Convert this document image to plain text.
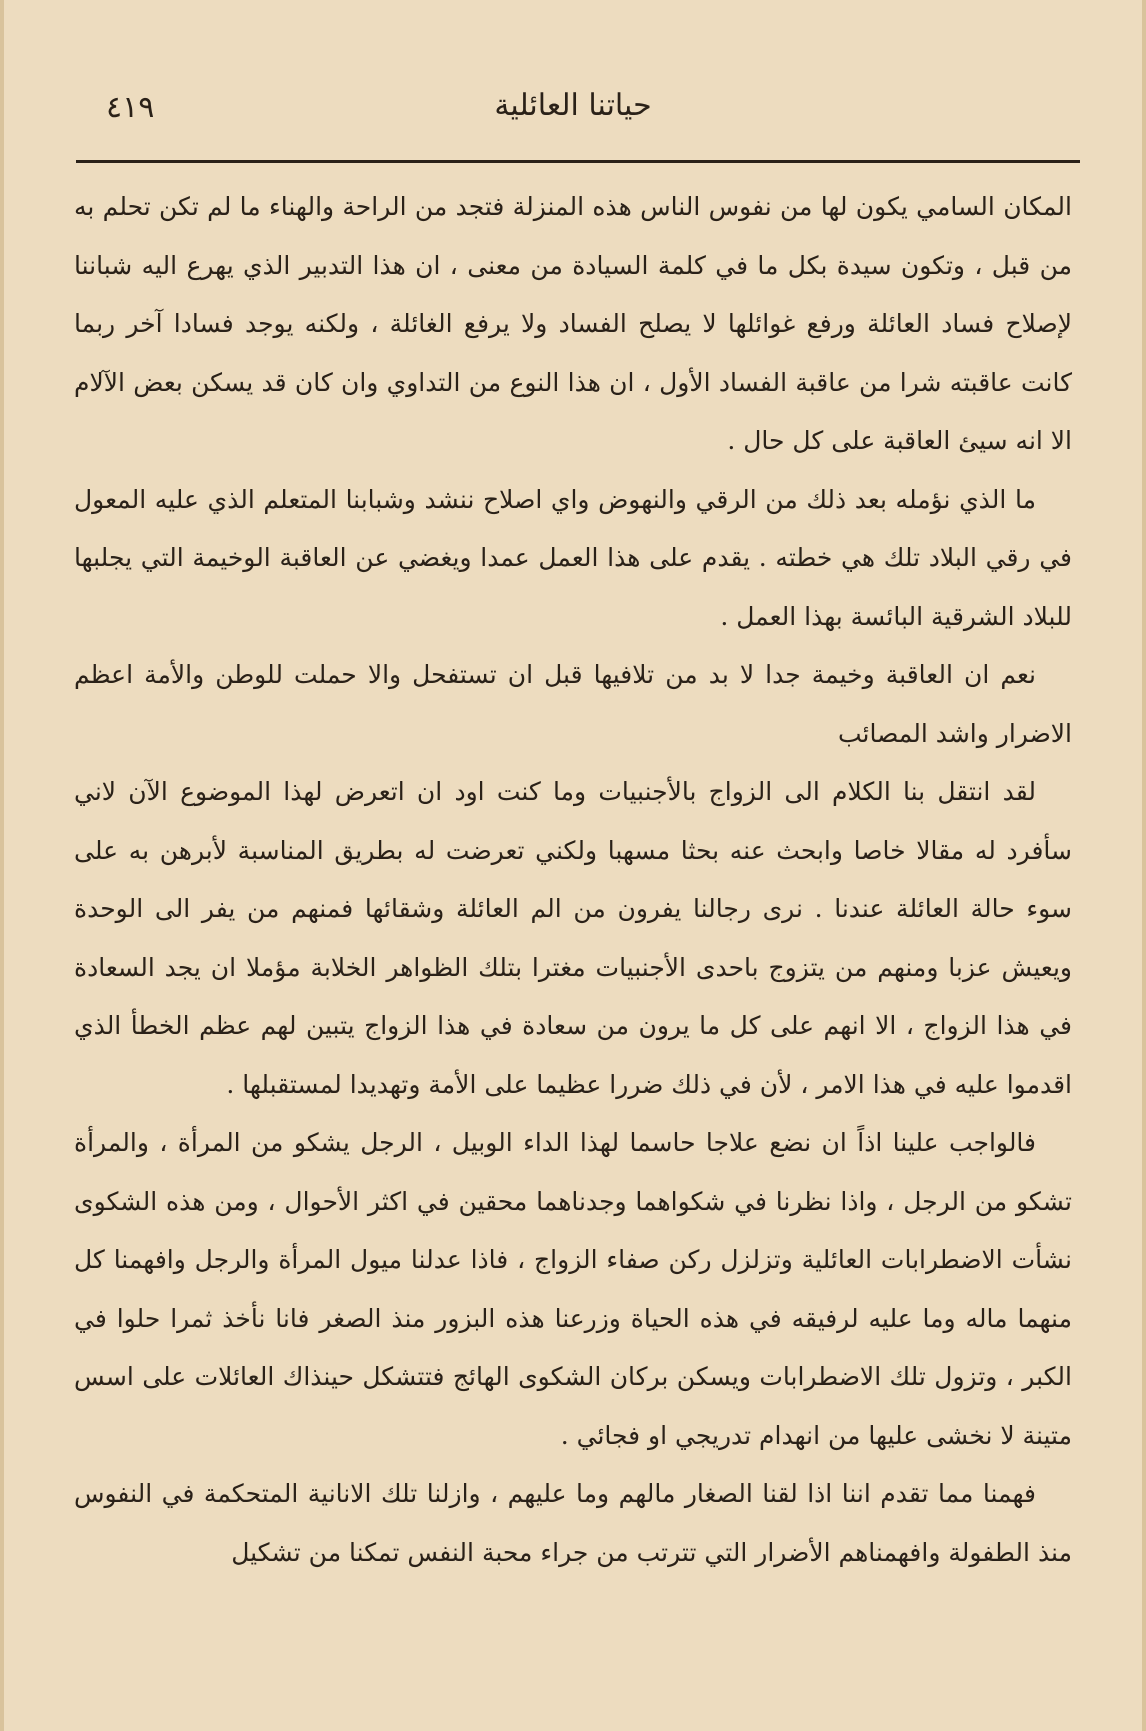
حياتنا العائلية
٤١٩

المكان السامي يكون لها من نفوس الناس هذه المنزلة فتجد من الراحة والهناء ما لم تكن تحلم به من قبل ، وتكون سيدة بكل ما في كلمة السيادة من معنى ، ان هذا التدبير الذي يهرع اليه شباننا لإصلاح فساد العائلة ورفع غوائلها لا يصلح الفساد ولا يرفع الغائلة ، ولكنه يوجد فسادا آخر ربما كانت عاقبته شرا من عاقبة الفساد الأول ، ان هذا النوع من التداوي وان كان قد يسكن بعض الآلام الا انه سيئ العاقبة على كل حال .

ما الذي نؤمله بعد ذلك من الرقي والنهوض واي اصلاح ننشد وشبابنا المتعلم الذي عليه المعول في رقي البلاد تلك هي خطته . يقدم على هذا العمل عمدا ويغضي عن العاقبة الوخيمة التي يجلبها للبلاد الشرقية البائسة بهذا العمل .

نعم ان العاقبة وخيمة جدا لا بد من تلافيها قبل ان تستفحل والا حملت للوطن والأمة اعظم الاضرار واشد المصائب

لقد انتقل بنا الكلام الى الزواج بالأجنبيات وما كنت اود ان اتعرض لهذا الموضوع الآن لاني سأفرد له مقالا خاصا وابحث عنه بحثا مسهبا ولكني تعرضت له بطريق المناسبة لأبرهن به على سوء حالة العائلة عندنا . نرى رجالنا يفرون من الم العائلة وشقائها فمنهم من يفر الى الوحدة ويعيش عزبا ومنهم من يتزوج باحدى الأجنبيات مغترا بتلك الظواهر الخلابة مؤملا ان يجد السعادة في هذا الزواج ، الا انهم على كل ما يرون من سعادة في هذا الزواج يتبين لهم عظم الخطأ الذي اقدموا عليه في هذا الامر ، لأن في ذلك ضررا عظيما على الأمة وتهديدا لمستقبلها .

فالواجب علينا اذاً ان نضع علاجا حاسما لهذا الداء الوبيل ، الرجل يشكو من المرأة ، والمرأة تشكو من الرجل ، واذا نظرنا في شكواهما وجدناهما محقين في اكثر الأحوال ، ومن هذه الشكوى نشأت الاضطرابات العائلية وتزلزل ركن صفاء الزواج ، فاذا عدلنا ميول المرأة والرجل وافهمنا كل منهما ماله وما عليه لرفيقه في هذه الحياة وزرعنا هذه البزور منذ الصغر فانا نأخذ ثمرا حلوا في الكبر ، وتزول تلك الاضطرابات ويسكن بركان الشكوى الهائج فتتشكل حينذاك العائلات على اسس متينة لا نخشى عليها من انهدام تدريجي او فجائي .

فهمنا مما تقدم اننا اذا لقنا الصغار مالهم وما عليهم ، وازلنا تلك الانانية المتحكمة في النفوس منذ الطفولة وافهمناهم الأضرار التي تترتب من جراء محبة النفس تمكنا من تشكيل
